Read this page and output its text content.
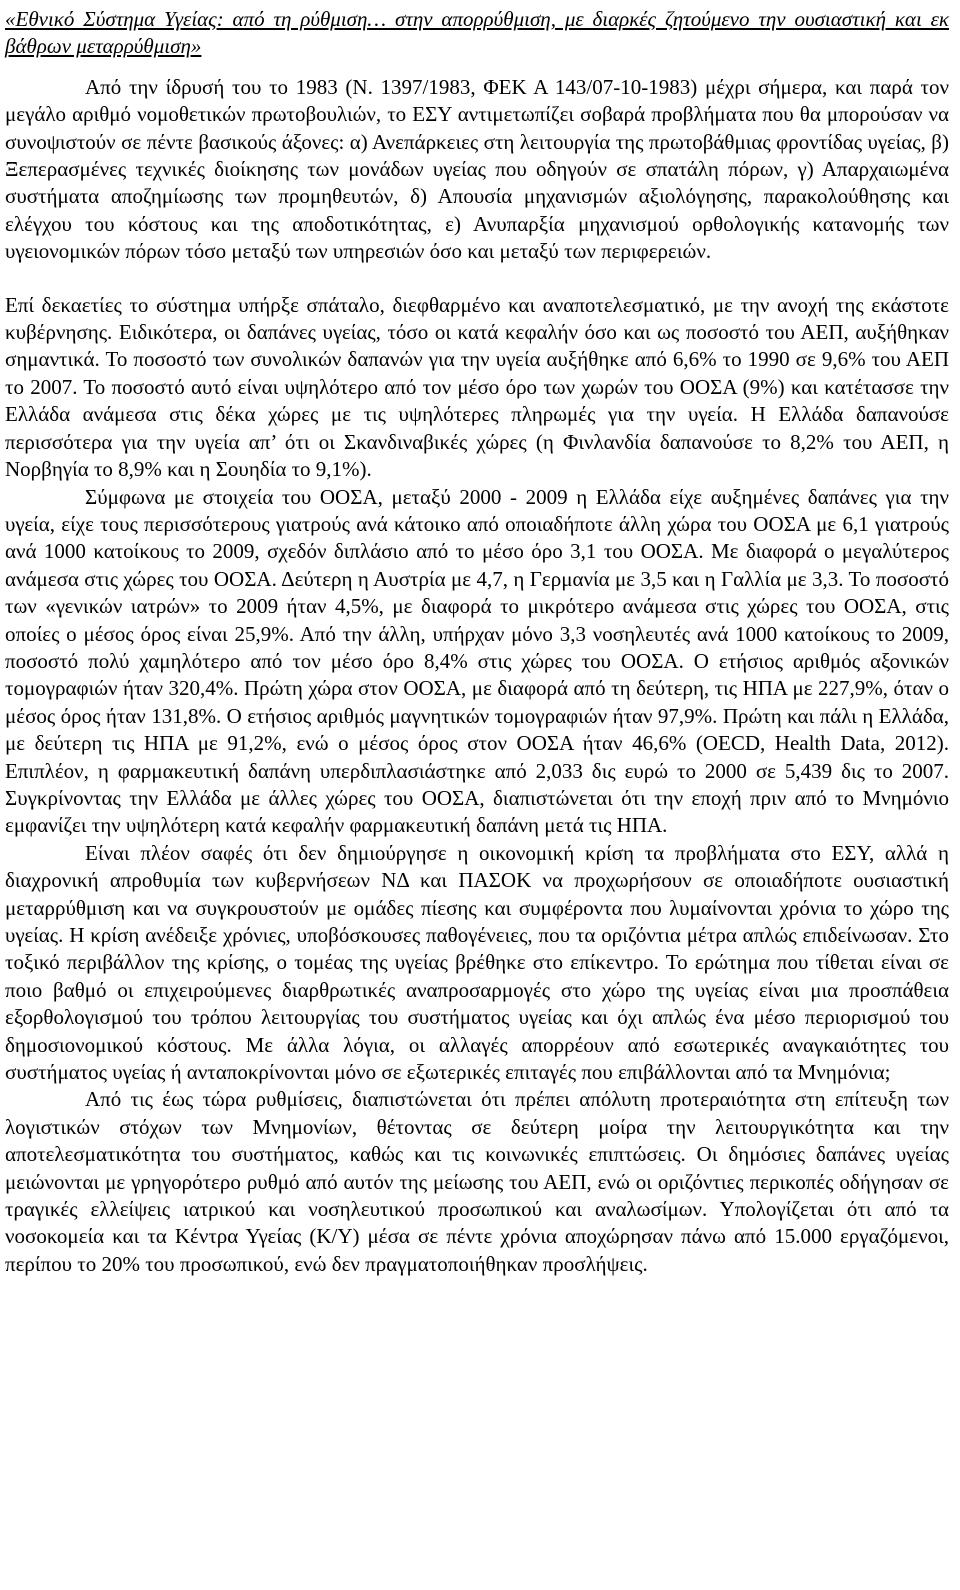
«Εθνικό Σύστημα Υγείας: από τη ρύθμιση… στην απορρύθμιση, με διαρκές ζητούμενο την ουσιαστική και εκ βάθρων μεταρρύθμιση»

Από την ίδρυσή του το 1983 (Ν. 1397/1983, ΦΕΚ Α 143/07-10-1983) μέχρι σήμερα, και παρά τον μεγάλο αριθμό νομοθετικών πρωτοβουλιών, το ΕΣΥ αντιμετωπίζει σοβαρά προβλήματα που θα μπορούσαν να συνοψιστούν σε πέντε βασικούς άξονες: α) Ανεπάρκειες στη λειτουργία της πρωτοβάθμιας φροντίδας υγείας, β) Ξεπερασμένες τεχνικές διοίκησης των μονάδων υγείας που οδηγούν σε σπατάλη πόρων, γ) Απαρχαιωμένα συστήματα αποζημίωσης των προμηθευτών, δ) Απουσία μηχανισμών αξιολόγησης, παρακολούθησης και ελέγχου του κόστους και της αποδοτικότητας, ε) Ανυπαρξία μηχανισμού ορθολογικής κατανομής των υγειονομικών πόρων τόσο μεταξύ των υπηρεσιών όσο και μεταξύ των περιφερειών.

Επί δεκαετίες το σύστημα υπήρξε σπάταλο, διεφθαρμένο και αναποτελεσματικό, με την ανοχή της εκάστοτε κυβέρνησης. Ειδικότερα, οι δαπάνες υγείας, τόσο οι κατά κεφαλήν όσο και ως ποσοστό του ΑΕΠ, αυξήθηκαν σημαντικά. Το ποσοστό των συνολικών δαπανών για την υγεία αυξήθηκε από 6,6% το 1990 σε 9,6% του ΑΕΠ το 2007. Το ποσοστό αυτό είναι υψηλότερο από τον μέσο όρο των χωρών του ΟΟΣΑ (9%) και κατέτασσε την Ελλάδα ανάμεσα στις δέκα χώρες με τις υψηλότερες πληρωμές για την υγεία. Η Ελλάδα δαπανούσε περισσότερα για την υγεία απ’ ότι οι Σκανδιναβικές χώρες (η Φινλανδία δαπανούσε το 8,2% του ΑΕΠ, η Νορβηγία το 8,9% και η Σουηδία το 9,1%).

Σύμφωνα με στοιχεία του ΟΟΣΑ, μεταξύ 2000 - 2009 η Ελλάδα είχε αυξημένες δαπάνες για την υγεία, είχε τους περισσότερους γιατρούς ανά κάτοικο από οποιαδήποτε άλλη χώρα του ΟΟΣΑ με 6,1 γιατρούς ανά 1000 κατοίκους το 2009, σχεδόν διπλάσιο από το μέσο όρο 3,1 του ΟΟΣΑ. Με διαφορά ο μεγαλύτερος ανάμεσα στις χώρες του ΟΟΣΑ. Δεύτερη η Αυστρία με 4,7, η Γερμανία με 3,5 και η Γαλλία με 3,3. Το ποσοστό των «γενικών ιατρών» το 2009 ήταν 4,5%, με διαφορά το μικρότερο ανάμεσα στις χώρες του ΟΟΣΑ, στις οποίες ο μέσος όρος είναι 25,9%. Από την άλλη, υπήρχαν μόνο 3,3 νοσηλευτές ανά 1000 κατοίκους το 2009, ποσοστό πολύ χαμηλότερο από τον μέσο όρο 8,4% στις χώρες του ΟΟΣΑ. Ο ετήσιος αριθμός αξονικών τομογραφιών ήταν 320,4%. Πρώτη χώρα στον ΟΟΣΑ, με διαφορά από τη δεύτερη, τις ΗΠΑ με 227,9%, όταν ο μέσος όρος ήταν 131,8%. Ο ετήσιος αριθμός μαγνητικών τομογραφιών ήταν 97,9%. Πρώτη και πάλι η Ελλάδα, με δεύτερη τις ΗΠΑ με 91,2%, ενώ ο μέσος όρος στον ΟΟΣΑ ήταν 46,6% (OECD, Health Data, 2012). Επιπλέον, η φαρμακευτική δαπάνη υπερδιπλασιάστηκε από 2,033 δις ευρώ το 2000 σε 5,439 δις το 2007. Συγκρίνοντας την Ελλάδα με άλλες χώρες του ΟΟΣΑ, διαπιστώνεται ότι την εποχή πριν από το Μνημόνιο εμφανίζει την υψηλότερη κατά κεφαλήν φαρμακευτική δαπάνη μετά τις ΗΠΑ.

Είναι πλέον σαφές ότι δεν δημιούργησε η οικονομική κρίση τα προβλήματα στο ΕΣΥ, αλλά η διαχρονική απροθυμία των κυβερνήσεων ΝΔ και ΠΑΣΟΚ να προχωρήσουν σε οποιαδήποτε ουσιαστική μεταρρύθμιση και να συγκρουστούν με ομάδες πίεσης και συμφέροντα που λυμαίνονται χρόνια το χώρο της υγείας. Η κρίση ανέδειξε χρόνιες, υποβόσκουσες παθογένειες, που τα οριζόντια μέτρα απλώς επιδείνωσαν. Στο τοξικό περιβάλλον της κρίσης, ο τομέας της υγείας βρέθηκε στο επίκεντρο. Το ερώτημα που τίθεται είναι σε ποιο βαθμό οι επιχειρούμενες διαρθρωτικές αναπροσαρμογές στο χώρο της υγείας είναι μια προσπάθεια εξορθολογισμού του τρόπου λειτουργίας του συστήματος υγείας και όχι απλώς ένα μέσο περιορισμού του δημοσιονομικού κόστους. Με άλλα λόγια, οι αλλαγές απορρέουν από εσωτερικές αναγκαιότητες του συστήματος υγείας ή ανταποκρίνονται μόνο σε εξωτερικές επιταγές που επιβάλλονται από τα Μνημόνια;

Από τις έως τώρα ρυθμίσεις, διαπιστώνεται ότι πρέπει απόλυτη προτεραιότητα στη επίτευξη των λογιστικών στόχων των Μνημονίων, θέτοντας σε δεύτερη μοίρα την λειτουργικότητα και την αποτελεσματικότητα του συστήματος, καθώς και τις κοινωνικές επιπτώσεις. Οι δημόσιες δαπάνες υγείας μειώνονται με γρηγορότερο ρυθμό από αυτόν της μείωσης του ΑΕΠ, ενώ οι οριζόντιες περικοπές οδήγησαν σε τραγικές ελλείψεις ιατρικού και νοσηλευτικού προσωπικού και αναλωσίμων. Υπολογίζεται ότι από τα νοσοκομεία και τα Κέντρα Υγείας (Κ/Υ) μέσα σε πέντε χρόνια αποχώρησαν πάνω από 15.000 εργαζόμενοι, περίπου το 20% του προσωπικού, ενώ δεν πραγματοποιήθηκαν προσλήψεις.
